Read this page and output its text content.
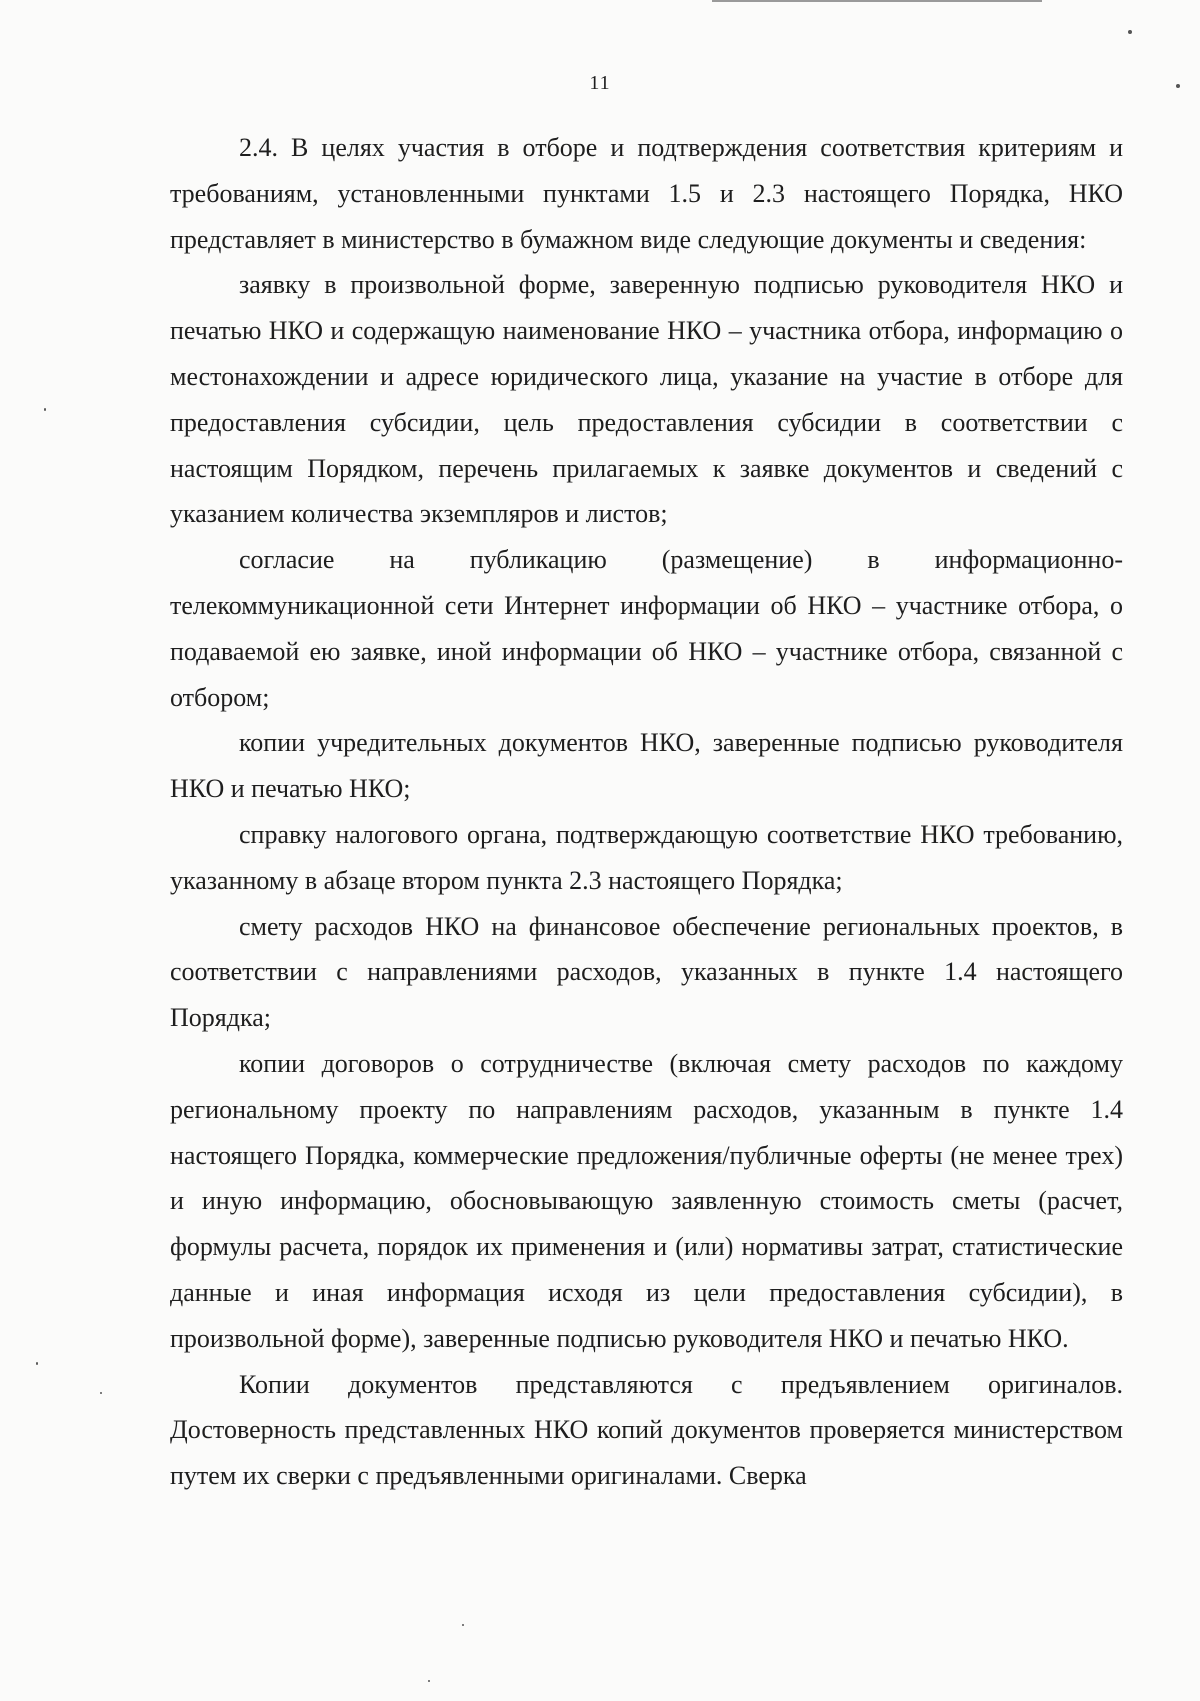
11

2.4. В целях участия в отборе и подтверждения соответствия критериям и требованиям, установленными пунктами 1.5 и 2.3 настоящего Порядка, НКО представляет в министерство в бумажном виде следующие документы и сведения:

заявку в произвольной форме, заверенную подписью руководителя НКО и печатью НКО и содержащую наименование НКО – участника отбора, информацию о местонахождении и адресе юридического лица, указание на участие в отборе для предоставления субсидии, цель предоставления субсидии в соответствии с настоящим Порядком, перечень прилагаемых к заявке документов и сведений с указанием количества экземпляров и листов;

согласие на публикацию (размещение) в информационно-телекоммуникационной сети Интернет информации об НКО – участнике отбора, о подаваемой ею заявке, иной информации об НКО – участнике отбора, связанной с отбором;

копии учредительных документов НКО, заверенные подписью руководителя НКО и печатью НКО;

справку налогового органа, подтверждающую соответствие НКО требованию, указанному в абзаце втором пункта 2.3 настоящего Порядка;

смету расходов НКО на финансовое обеспечение региональных проектов, в соответствии с направлениями расходов, указанных в пункте 1.4 настоящего Порядка;

копии договоров о сотрудничестве (включая смету расходов по каждому региональному проекту по направлениям расходов, указанным в пункте 1.4 настоящего Порядка, коммерческие предложения/публичные оферты (не менее трех) и иную информацию, обосновывающую заявленную стоимость сметы (расчет, формулы расчета, порядок их применения и (или) нормативы затрат, статистические данные и иная информация исходя из цели предоставления субсидии), в произвольной форме), заверенные подписью руководителя НКО и печатью НКО.

Копии документов представляются с предъявлением оригиналов. Достоверность представленных НКО копий документов проверяется министерством путем их сверки с предъявленными оригиналами. Сверка
